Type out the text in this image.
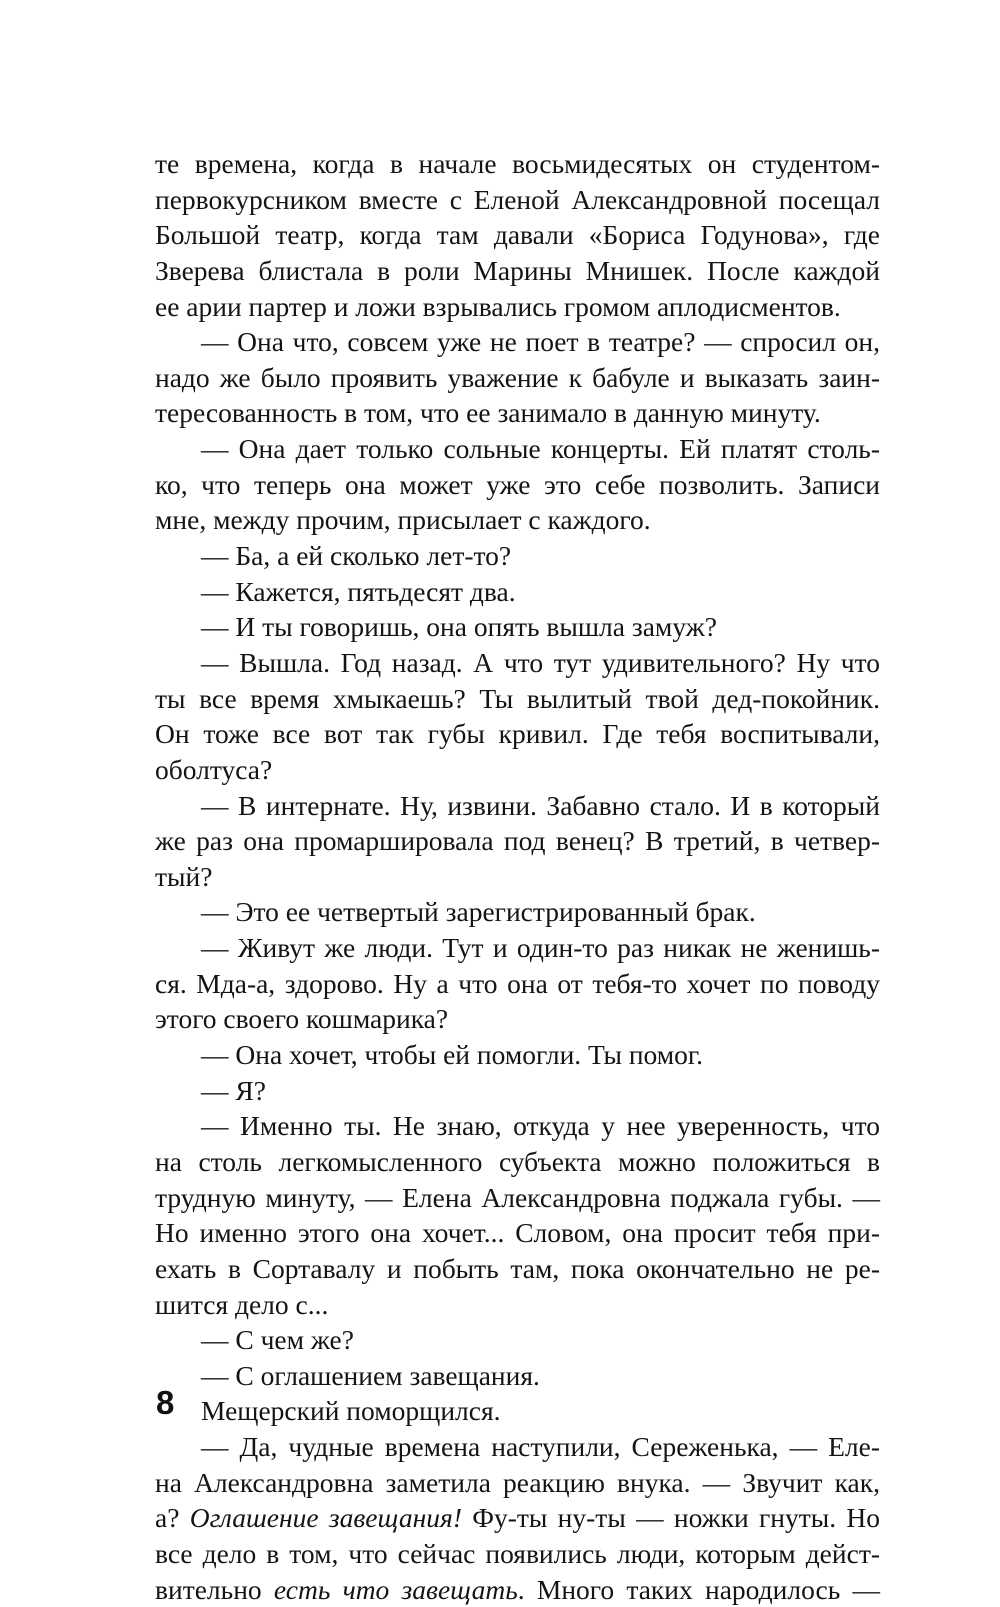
те времена, когда в начале восьмидесятых он студентом-
первокурсником вместе с Еленой Александровной посещал
Большой театр, когда там давали «Бориса Годунова», где
Зверева блистала в роли Марины Мнишек. После каждой
ее арии партер и ложи взрывались громом аплодисментов.
— Она что, совсем уже не поет в театре? — спросил он,
надо же было проявить уважение к бабуле и выказать заин-
тересованность в том, что ее занимало в данную минуту.
— Она дает только сольные концерты. Ей платят столь-
ко, что теперь она может уже это себе позволить. Записи
мне, между прочим, присылает с каждого.
— Ба, а ей сколько лет-то?
— Кажется, пятьдесят два.
— И ты говоришь, она опять вышла замуж?
— Вышла. Год назад. А что тут удивительного? Ну что
ты все время хмыкаешь? Ты вылитый твой дед-покойник.
Он тоже все вот так губы кривил. Где тебя воспитывали,
оболтуса?
— В интернате. Ну, извини. Забавно стало. И в который
же раз она промаршировала под венец? В третий, в четвер-
тый?
— Это ее четвертый зарегистрированный брак.
— Живут же люди. Тут и один-то раз никак не женишь-
ся. Мда-а, здорово. Ну а что она от тебя-то хочет по поводу
этого своего кошмарика?
— Она хочет, чтобы ей помогли. Ты помог.
— Я?
— Именно ты. Не знаю, откуда у нее уверенность, что
на столь легкомысленного субъекта можно положиться в
трудную минуту, — Елена Александровна поджала губы. —
Но именно этого она хочет... Словом, она просит тебя при-
ехать в Сортавалу и побыть там, пока окончательно не ре-
шится дело с...
— С чем же?
— С оглашением завещания.
Мещерский поморщился.
— Да, чудные времена наступили, Сереженька, — Еле-
на Александровна заметила реакцию внука. — Звучит как,
а? Оглашение завещания! Фу-ты ну-ты — ножки гнуты. Но
все дело в том, что сейчас появились люди, которым дейст-
вительно есть что завещать. Много таких народилось —
8
